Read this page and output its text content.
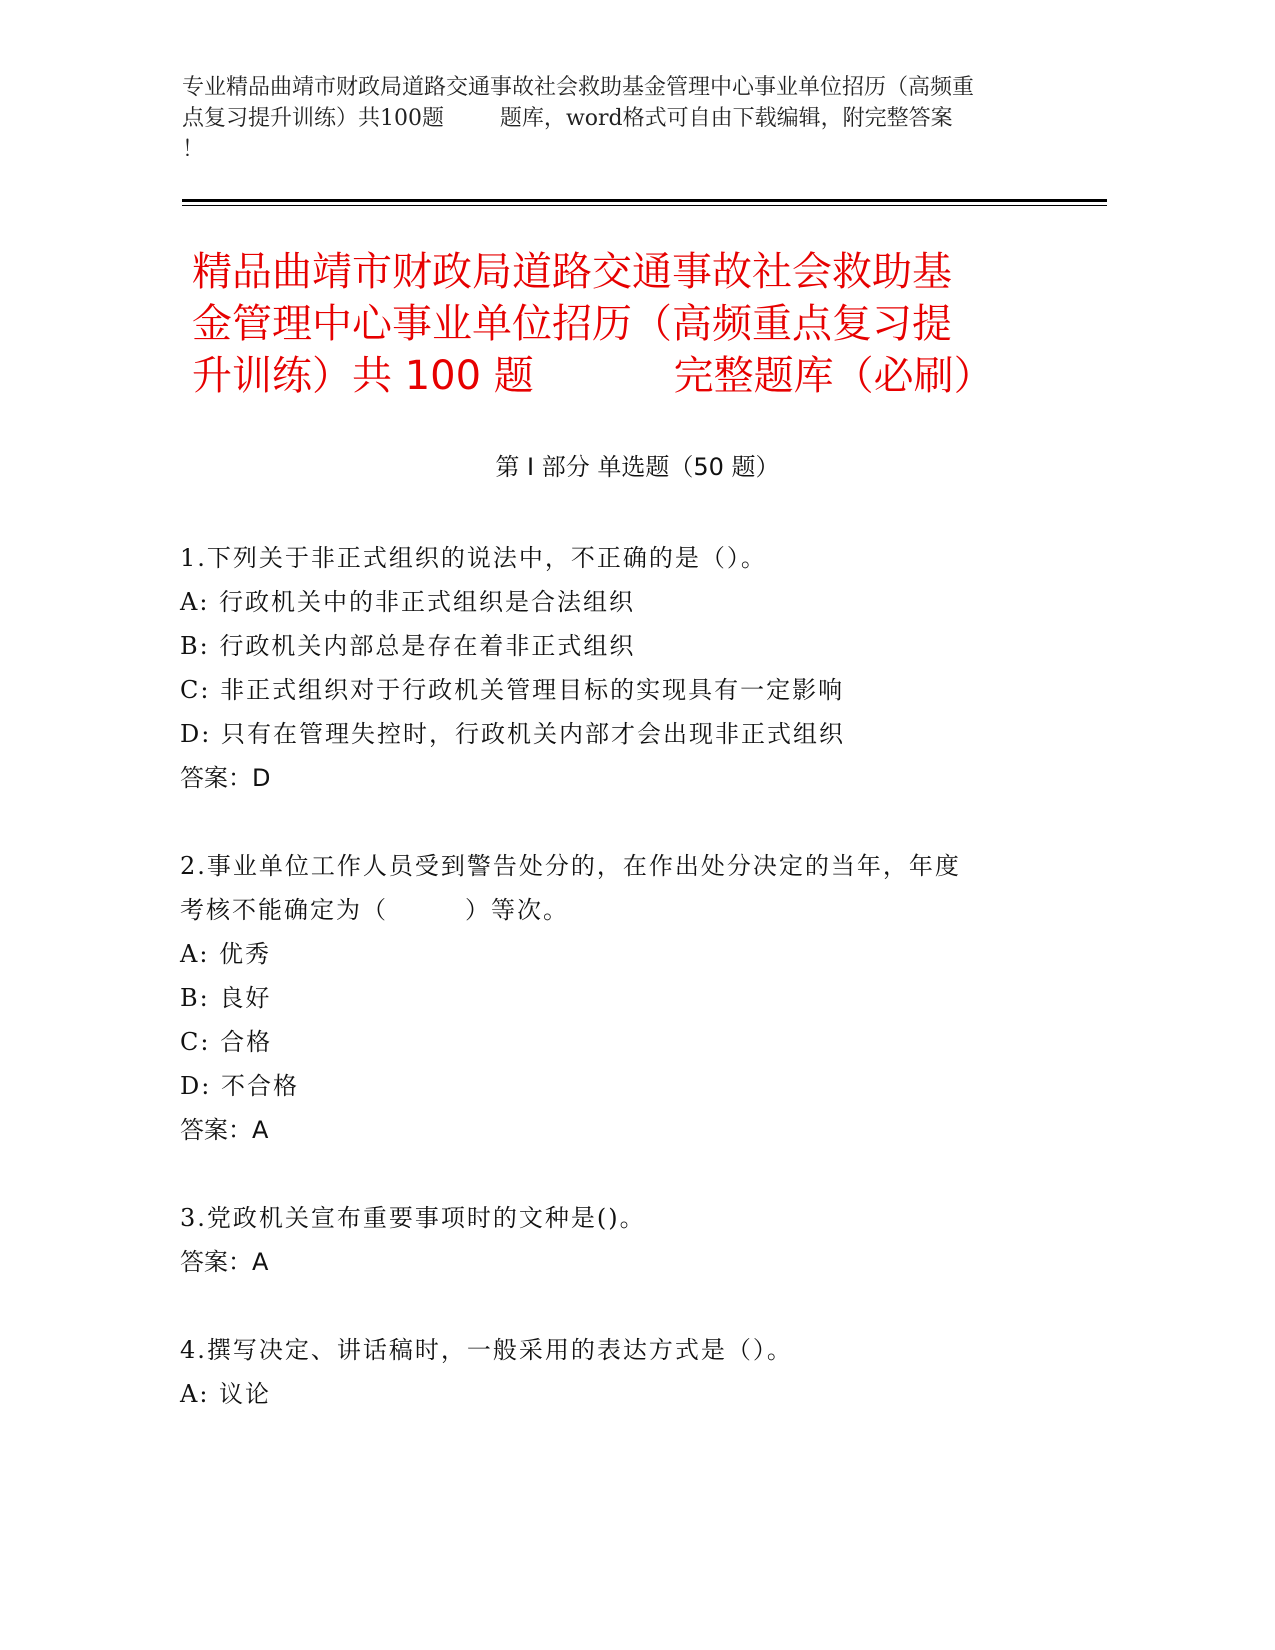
专业精品曲靖市财政局道路交通事故社会救助基金管理中心事业单位招历（高频重
点复习提升训练）共100题        题库，word格式可自由下载编辑，附完整答案
！
精品曲靖市财政局道路交通事故社会救助基
金管理中心事业单位招历（高频重点复习提
升训练）共 100 题           完整题库（必刷）
第 I 部分 单选题（50 题）
1.下列关于非正式组织的说法中，不正确的是（）。
A: 行政机关中的非正式组织是合法组织
B: 行政机关内部总是存在着非正式组织
C: 非正式组织对于行政机关管理目标的实现具有一定影响
D: 只有在管理失控时，行政机关内部才会出现非正式组织
答案：D
2.事业单位工作人员受到警告处分的，在作出处分决定的当年，年度
考核不能确定为（        ）等次。
A: 优秀
B: 良好
C: 合格
D: 不合格
答案：A
3.党政机关宣布重要事项时的文种是()。
答案：A
4.撰写决定、讲话稿时，一般采用的表达方式是（）。
A: 议论
